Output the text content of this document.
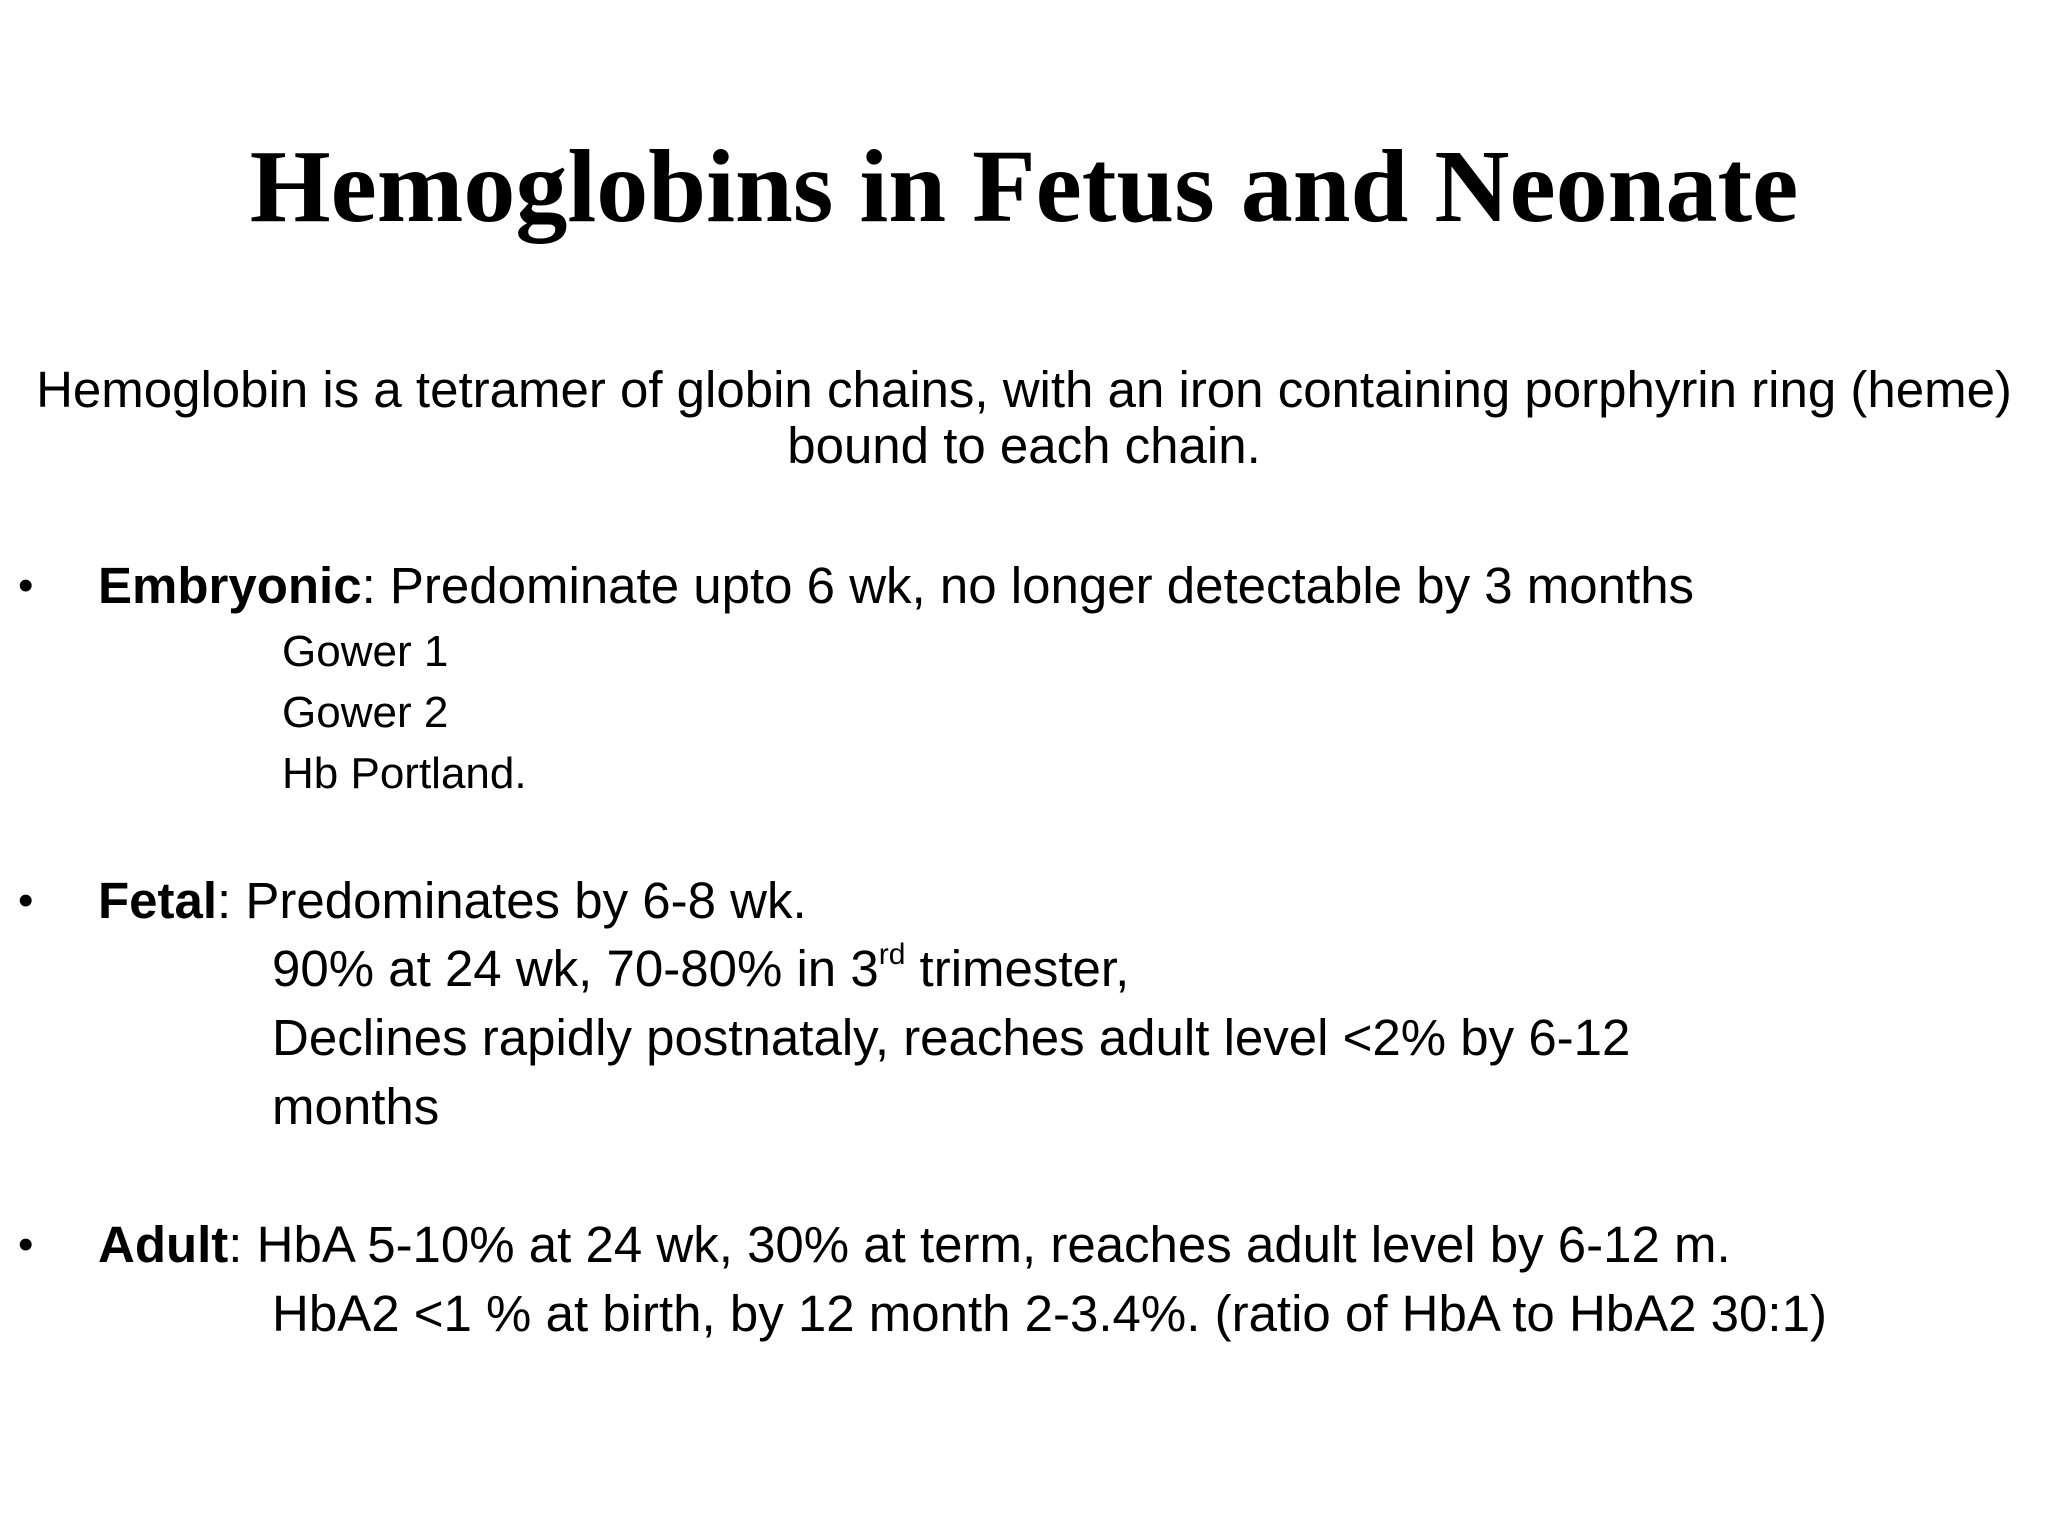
Hemoglobins in Fetus and Neonate

Hemoglobin is a tetramer of globin chains, with an iron containing porphyrin ring (heme) bound to each chain.

• Embryonic: Predominate upto 6 wk, no longer detectable by 3 months
Gower 1
Gower 2
Hb Portland.
• Fetal: Predominates by 6-8 wk.
90% at 24 wk, 70-80% in 3rd trimester,
Declines rapidly postnataly, reaches adult level <2% by 6-12
months
• Adult: HbA 5-10% at 24 wk, 30% at term, reaches adult level by 6-12 m.
HbA2 <1 % at birth, by 12 month 2-3.4%. (ratio of HbA to HbA2 30:1)
